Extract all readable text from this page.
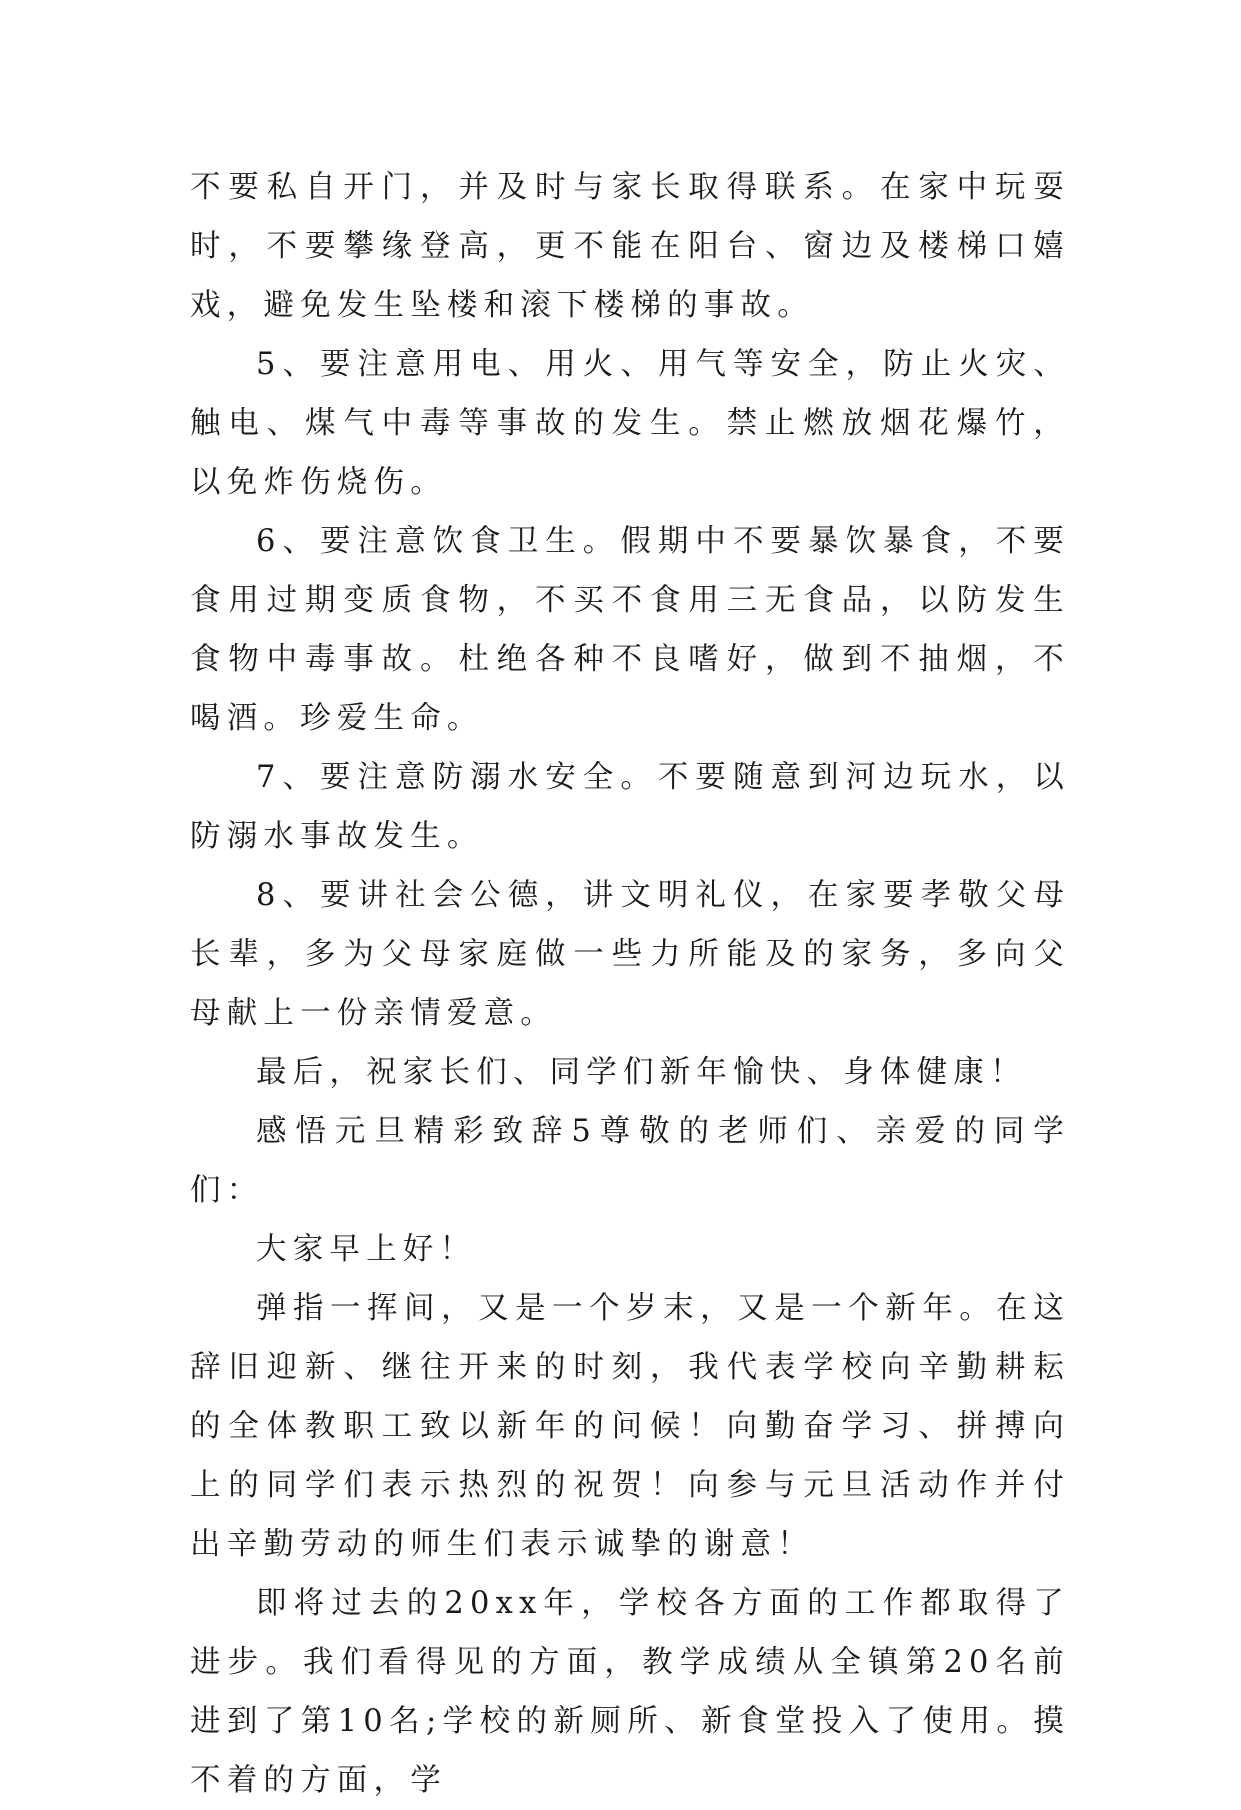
不要私自开门，并及时与家长取得联系。在家中玩耍时，不要攀缘登高，更不能在阳台、窗边及楼梯口嬉戏，避免发生坠楼和滚下楼梯的事故。

5、要注意用电、用火、用气等安全，防止火灾、触电、煤气中毒等事故的发生。禁止燃放烟花爆竹，以免炸伤烧伤。

6、要注意饮食卫生。假期中不要暴饮暴食，不要食用过期变质食物，不买不食用三无食品，以防发生食物中毒事故。杜绝各种不良嗜好，做到不抽烟，不喝酒。珍爱生命。

7、要注意防溺水安全。不要随意到河边玩水，以防溺水事故发生。

8、要讲社会公德，讲文明礼仪，在家要孝敬父母长辈，多为父母家庭做一些力所能及的家务，多向父母献上一份亲情爱意。

最后，祝家长们、同学们新年愉快、身体健康！

感悟元旦精彩致辞5尊敬的老师们、亲爱的同学们：

大家早上好！

弹指一挥间，又是一个岁末，又是一个新年。在这辞旧迎新、继往开来的时刻，我代表学校向辛勤耕耘的全体教职工致以新年的问候！向勤奋学习、拼搏向上的同学们表示热烈的祝贺！向参与元旦活动作并付出辛勤劳动的师生们表示诚挚的谢意！

即将过去的20xx年，学校各方面的工作都取得了进步。我们看得见的方面，教学成绩从全镇第20名前进到了第10名;学校的新厕所、新食堂投入了使用。摸不着的方面，学
